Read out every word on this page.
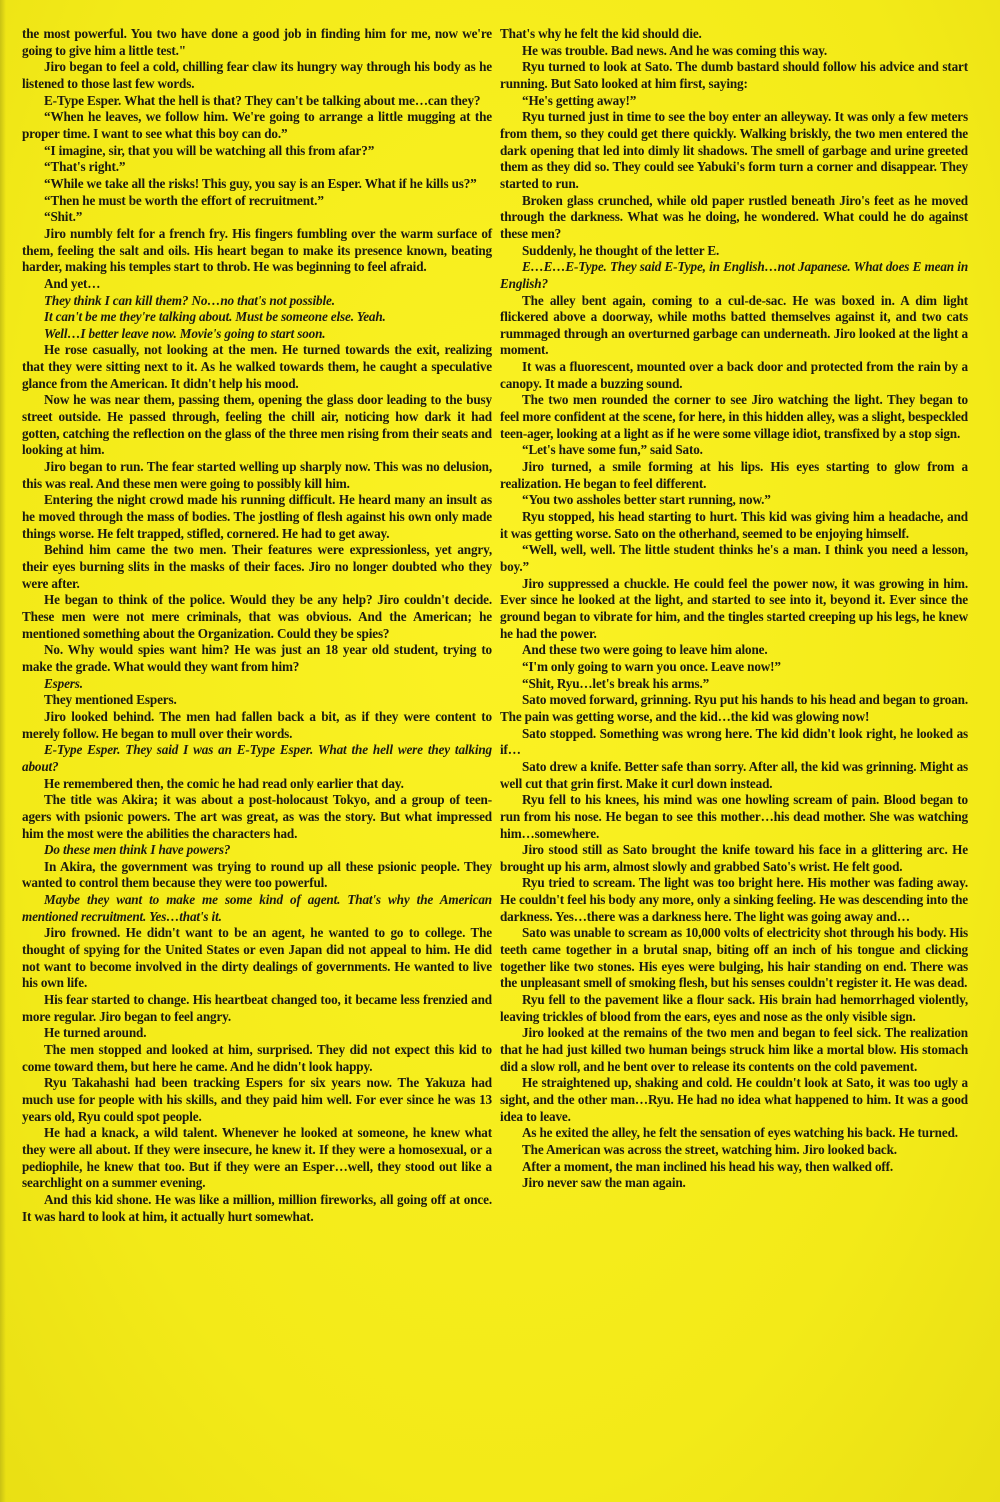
the most powerful. You two have done a good job in finding him for me, now we're going to give him a little test."

Jiro began to feel a cold, chilling fear claw its hungry way through his body as he listened to those last few words.

E-Type Esper. What the hell is that? They can't be talking about me…can they?

“When he leaves, we follow him. We're going to arrange a little mugging at the proper time. I want to see what this boy can do.”

“I imagine, sir, that you will be watching all this from afar?”

“That's right.”

“While we take all the risks! This guy, you say is an Esper. What if he kills us?”

“Then he must be worth the effort of recruitment.”

“Shit.”

Jiro numbly felt for a french fry. His fingers fumbling over the warm surface of them, feeling the salt and oils. His heart began to make its presence known, beating harder, making his temples start to throb. He was beginning to feel afraid.

And yet…

They think I can kill them? No…no that's not possible.

It can't be me they're talking about. Must be someone else. Yeah.

Well…I better leave now. Movie's going to start soon.

He rose casually, not looking at the men. He turned towards the exit, realizing that they were sitting next to it. As he walked towards them, he caught a speculative glance from the American. It didn't help his mood.

Now he was near them, passing them, opening the glass door leading to the busy street outside. He passed through, feeling the chill air, noticing how dark it had gotten, catching the reflection on the glass of the three men rising from their seats and looking at him.

Jiro began to run. The fear started welling up sharply now. This was no delusion, this was real. And these men were going to possibly kill him.

Entering the night crowd made his running difficult. He heard many an insult as he moved through the mass of bodies. The jostling of flesh against his own only made things worse. He felt trapped, stifled, cornered. He had to get away.

Behind him came the two men. Their features were expressionless, yet angry, their eyes burning slits in the masks of their faces. Jiro no longer doubted who they were after.

He began to think of the police. Would they be any help? Jiro couldn't decide. These men were not mere criminals, that was obvious. And the American; he mentioned something about the Organization. Could they be spies?

No. Why would spies want him? He was just an 18 year old student, trying to make the grade. What would they want from him?

Espers.

They mentioned Espers.

Jiro looked behind. The men had fallen back a bit, as if they were content to merely follow. He began to mull over their words.

E-Type Esper. They said I was an E-Type Esper. What the hell were they talking about?

He remembered then, the comic he had read only earlier that day.

The title was Akira; it was about a post-holocaust Tokyo, and a group of teen-agers with psionic powers. The art was great, as was the story. But what impressed him the most were the abilities the characters had.

Do these men think I have powers?

In Akira, the government was trying to round up all these psionic people. They wanted to control them because they were too powerful.

Maybe they want to make me some kind of agent. That's why the American mentioned recruitment. Yes…that's it.

Jiro frowned. He didn't want to be an agent, he wanted to go to college. The thought of spying for the United States or even Japan did not appeal to him. He did not want to become involved in the dirty dealings of governments. He wanted to live his own life.

His fear started to change. His heartbeat changed too, it became less frenzied and more regular. Jiro began to feel angry.

He turned around.

The men stopped and looked at him, surprised. They did not expect this kid to come toward them, but here he came. And he didn't look happy.

Ryu Takahashi had been tracking Espers for six years now. The Yakuza had much use for people with his skills, and they paid him well. For ever since he was 13 years old, Ryu could spot people.

He had a knack, a wild talent. Whenever he looked at someone, he knew what they were all about. If they were insecure, he knew it. If they were a homosexual, or a pediophile, he knew that too. But if they were an Esper…well, they stood out like a searchlight on a summer evening.

And this kid shone. He was like a million, million fireworks, all going off at once. It was hard to look at him, it actually hurt somewhat.

That's why he felt the kid should die.

He was trouble. Bad news. And he was coming this way.

Ryu turned to look at Sato. The dumb bastard should follow his advice and start running. But Sato looked at him first, saying:

“He's getting away!”

Ryu turned just in time to see the boy enter an alleyway. It was only a few meters from them, so they could get there quickly. Walking briskly, the two men entered the dark opening that led into dimly lit shadows. The smell of garbage and urine greeted them as they did so. They could see Yabuki's form turn a corner and disappear. They started to run.

Broken glass crunched, while old paper rustled beneath Jiro's feet as he moved through the darkness. What was he doing, he wondered. What could he do against these men?

Suddenly, he thought of the letter E.

E…E…E-Type. They said E-Type, in English…not Japanese. What does E mean in English?

The alley bent again, coming to a cul-de-sac. He was boxed in. A dim light flickered above a doorway, while moths batted themselves against it, and two cats rummaged through an overturned garbage can underneath. Jiro looked at the light a moment.

It was a fluorescent, mounted over a back door and protected from the rain by a canopy. It made a buzzing sound.

The two men rounded the corner to see Jiro watching the light. They began to feel more confident at the scene, for here, in this hidden alley, was a slight, bespeckled teen-ager, looking at a light as if he were some village idiot, transfixed by a stop sign.

“Let's have some fun,” said Sato.

Jiro turned, a smile forming at his lips. His eyes starting to glow from a realization. He began to feel different.

“You two assholes better start running, now.”

Ryu stopped, his head starting to hurt. This kid was giving him a headache, and it was getting worse. Sato on the otherhand, seemed to be enjoying himself.

“Well, well, well. The little student thinks he's a man. I think you need a lesson, boy.”

Jiro suppressed a chuckle. He could feel the power now, it was growing in him. Ever since he looked at the light, and started to see into it, beyond it. Ever since the ground began to vibrate for him, and the tingles started creeping up his legs, he knew he had the power.

And these two were going to leave him alone.

“I'm only going to warn you once. Leave now!”

“Shit, Ryu…let's break his arms.”

Sato moved forward, grinning. Ryu put his hands to his head and began to groan. The pain was getting worse, and the kid…the kid was glowing now!

Sato stopped. Something was wrong here. The kid didn't look right, he looked as if…

Sato drew a knife. Better safe than sorry. After all, the kid was grinning. Might as well cut that grin first. Make it curl down instead.

Ryu fell to his knees, his mind was one howling scream of pain. Blood began to run from his nose. He began to see this mother…his dead mother. She was watching him…somewhere.

Jiro stood still as Sato brought the knife toward his face in a glittering arc. He brought up his arm, almost slowly and grabbed Sato's wrist. He felt good.

Ryu tried to scream. The light was too bright here. His mother was fading away. He couldn't feel his body any more, only a sinking feeling. He was descending into the darkness. Yes…there was a darkness here. The light was going away and…

Sato was unable to scream as 10,000 volts of electricity shot through his body. His teeth came together in a brutal snap, biting off an inch of his tongue and clicking together like two stones. His eyes were bulging, his hair standing on end. There was the unpleasant smell of smoking flesh, but his senses couldn't register it. He was dead.

Ryu fell to the pavement like a flour sack. His brain had hemorrhaged violently, leaving trickles of blood from the ears, eyes and nose as the only visible sign.

Jiro looked at the remains of the two men and began to feel sick. The realization that he had just killed two human beings struck him like a mortal blow. His stomach did a slow roll, and he bent over to release its contents on the cold pavement.

He straightened up, shaking and cold. He couldn't look at Sato, it was too ugly a sight, and the other man…Ryu. He had no idea what happened to him. It was a good idea to leave.

As he exited the alley, he felt the sensation of eyes watching his back. He turned.

The American was across the street, watching him. Jiro looked back.

After a moment, the man inclined his head his way, then walked off.

Jiro never saw the man again.
